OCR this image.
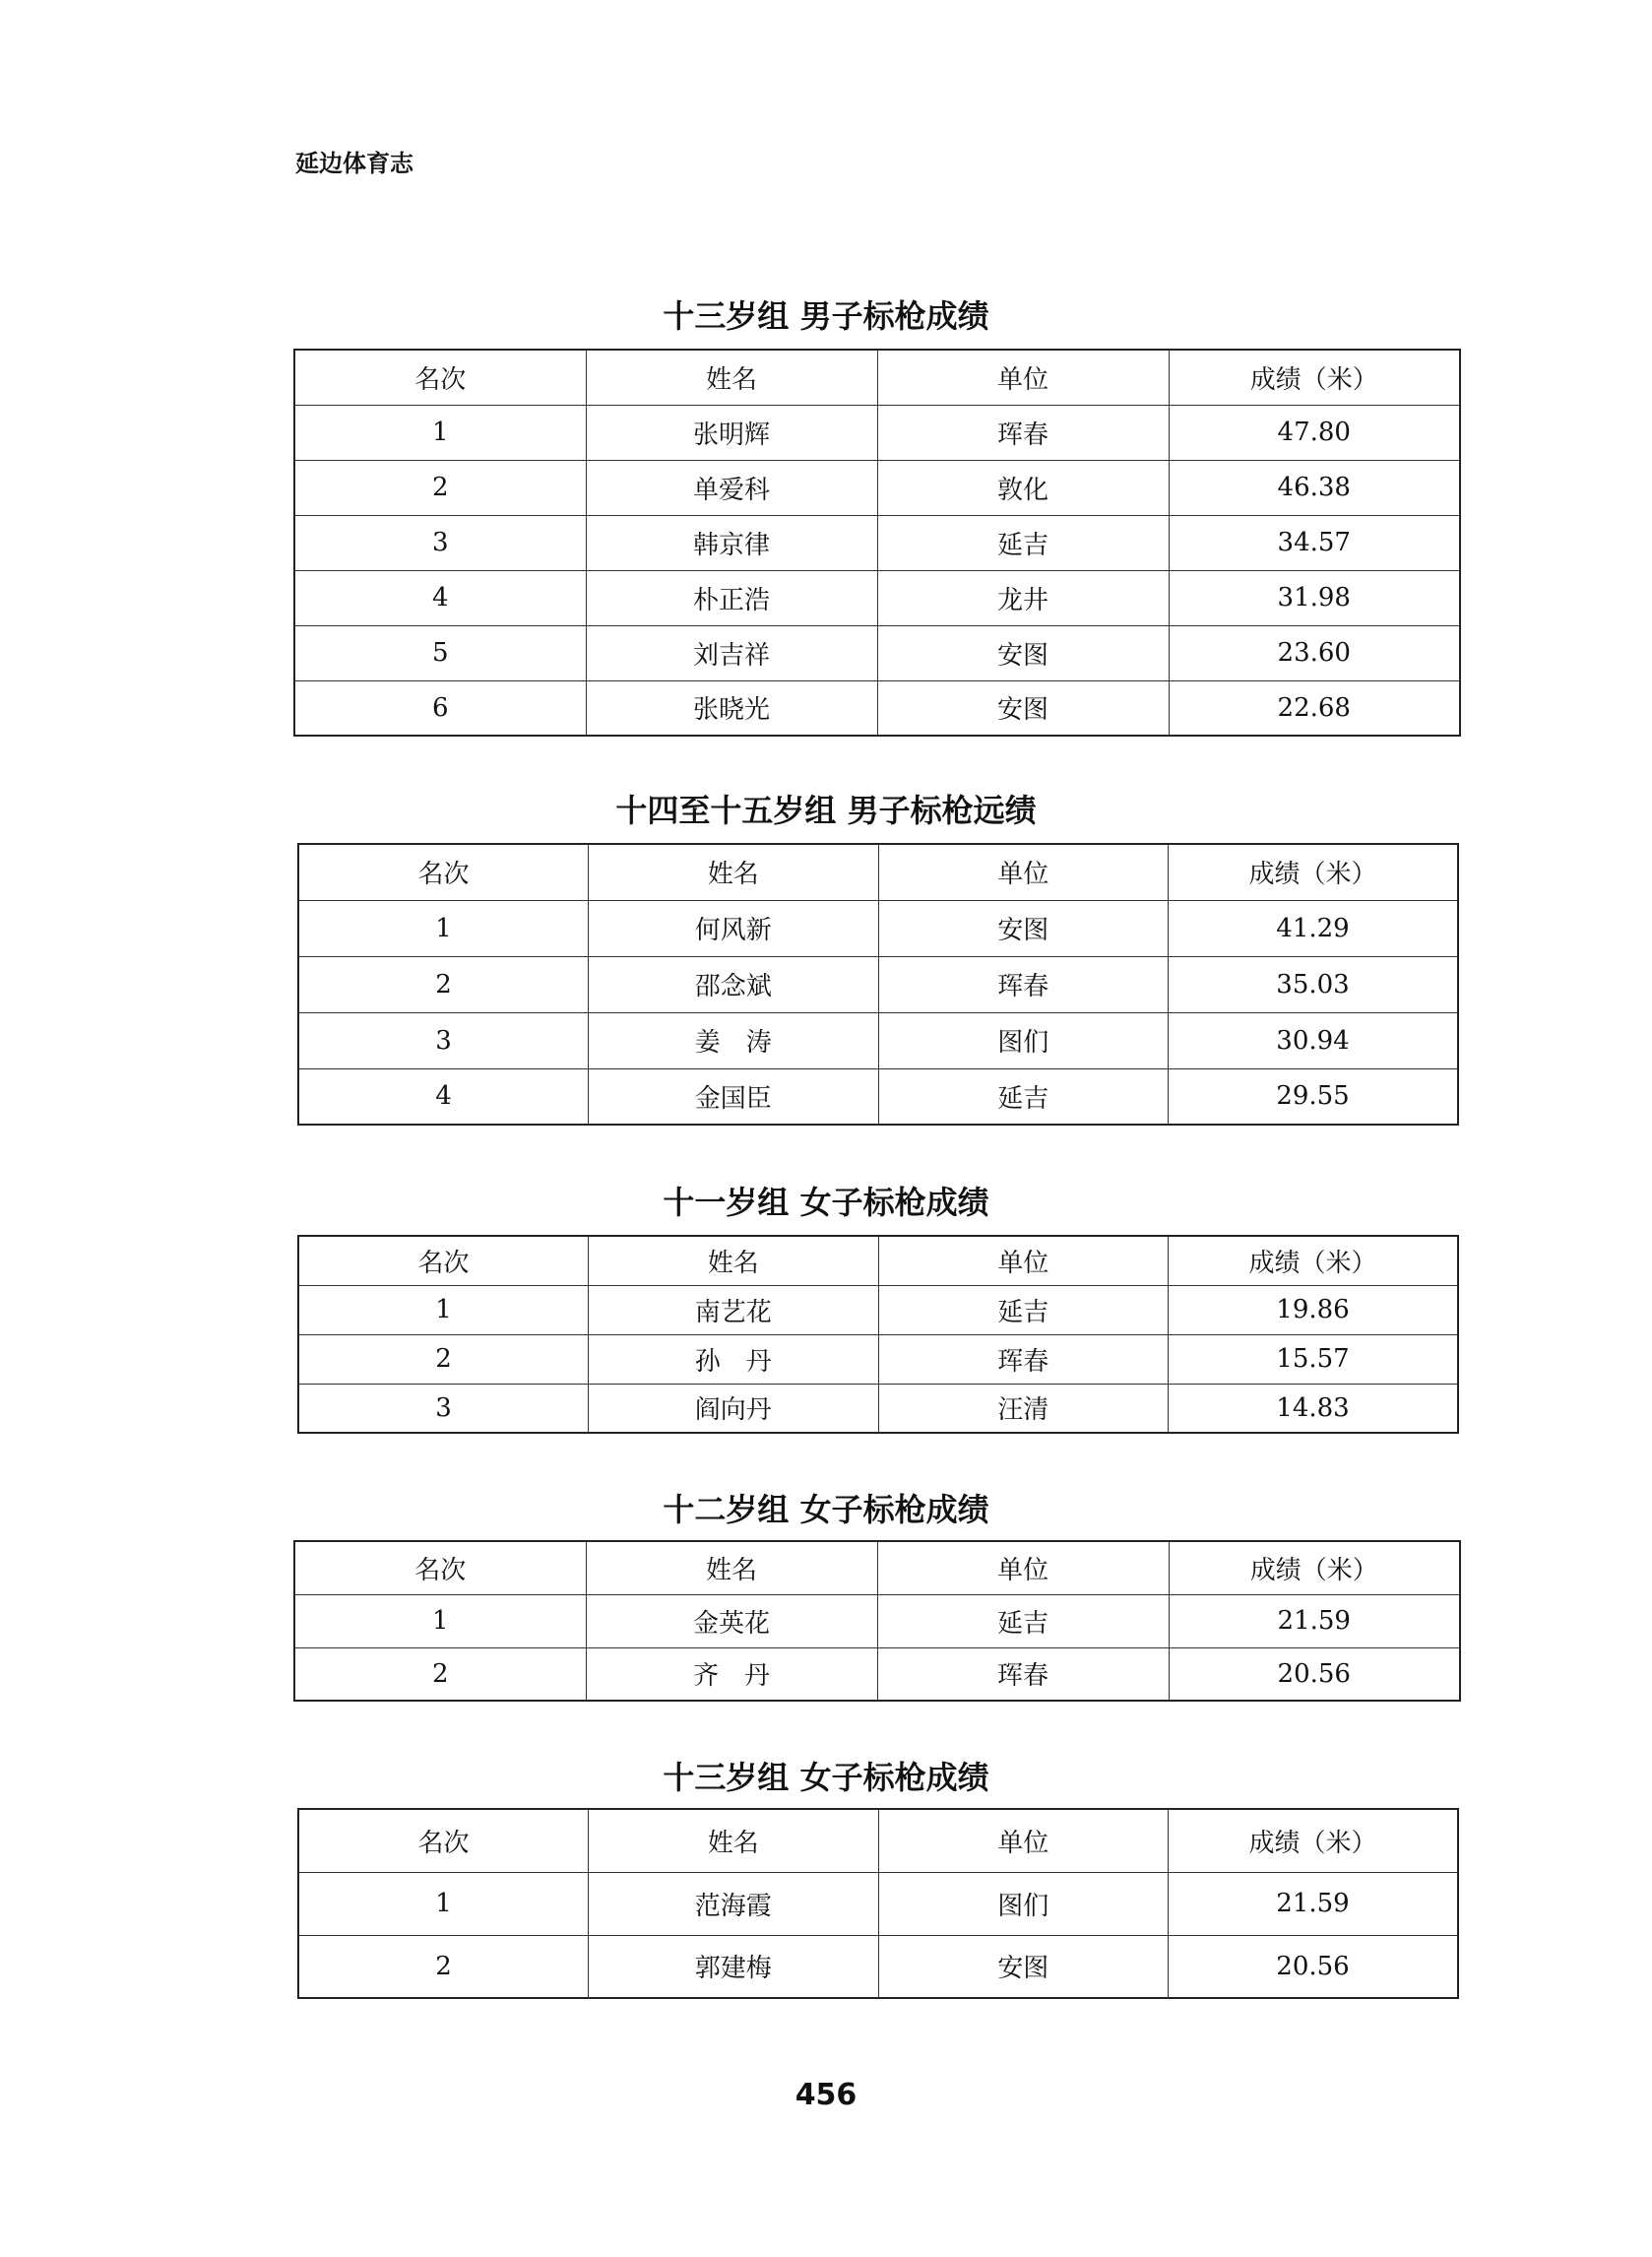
延边体育志
十三岁组 男子标枪成绩
名次	姓名	单位	成绩（米）
1	张明辉	珲春	47.80
2	单爱科	敦化	46.38
3	韩京律	延吉	34.57
4	朴正浩	龙井	31.98
5	刘吉祥	安图	23.60
6	张晓光	安图	22.68
十四至十五岁组 男子标枪远绩
名次	姓名	单位	成绩（米）
1	何风新	安图	41.29
2	邵念斌	珲春	35.03
3	姜　涛	图们	30.94
4	金国臣	延吉	29.55
十一岁组 女子标枪成绩
名次	姓名	单位	成绩（米）
1	南艺花	延吉	19.86
2	孙　丹	珲春	15.57
3	阎向丹	汪清	14.83
十二岁组 女子标枪成绩
名次	姓名	单位	成绩（米）
1	金英花	延吉	21.59
2	齐　丹	珲春	20.56
十三岁组 女子标枪成绩
名次	姓名	单位	成绩（米）
1	范海霞	图们	21.59
2	郭建梅	安图	20.56
456
